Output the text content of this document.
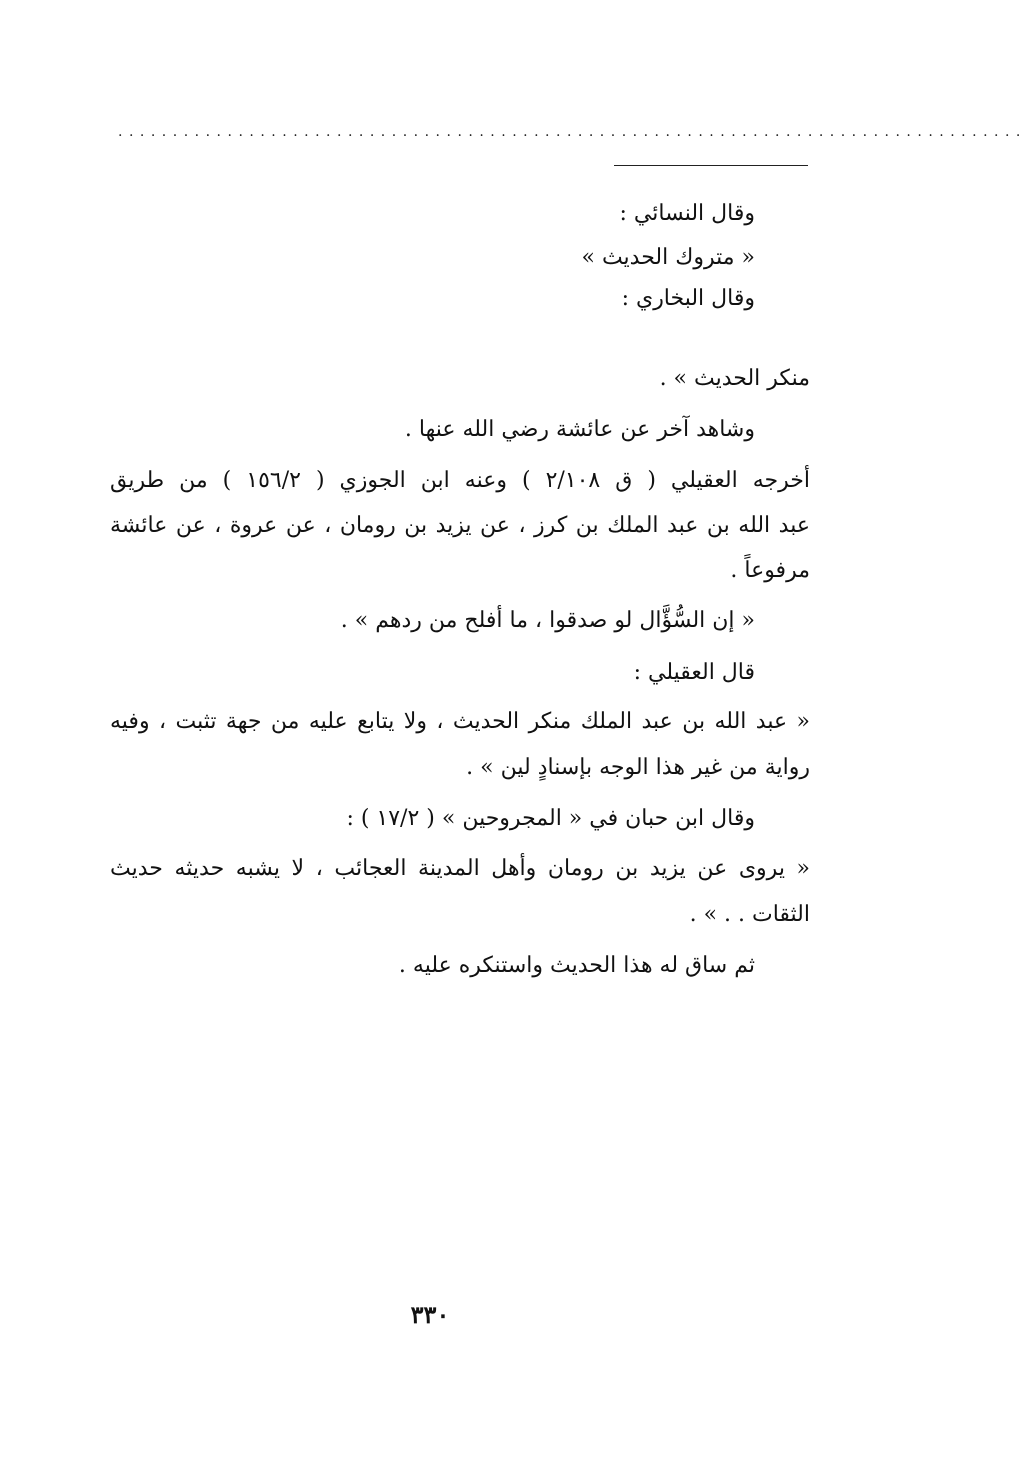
...................................................................................
وقال النسائي :
« متروك الحديث »
وقال البخاري :
منكر الحديث » .
وشاهد آخر عن عائشة رضي الله عنها .
أخرجه العقيلي ( ق ٢/١٠٨ ) وعنه ابن الجوزي ( ١٥٦/٢ ) من طريق
عبد الله بن عبد الملك بن كرز ، عن يزيد بن رومان ، عن عروة ، عن عائشة
مرفوعاً .
« إن السُّؤَّال لو صدقوا ، ما أفلح من ردهم » .
قال العقيلي :
« عبد الله بن عبد الملك منكر الحديث ، ولا يتابع عليه من جهة تثبت ، وفيه
رواية من غير هذا الوجه بإسنادٍ لين » .
وقال ابن حبان في « المجروحين » ( ١٧/٢ ) :
« يروى عن يزيد بن رومان وأهل المدينة العجائب ، لا يشبه حديثه حديث
الثقات . . » .
ثم ساق له هذا الحديث واستنكره عليه .
٣٣٠
